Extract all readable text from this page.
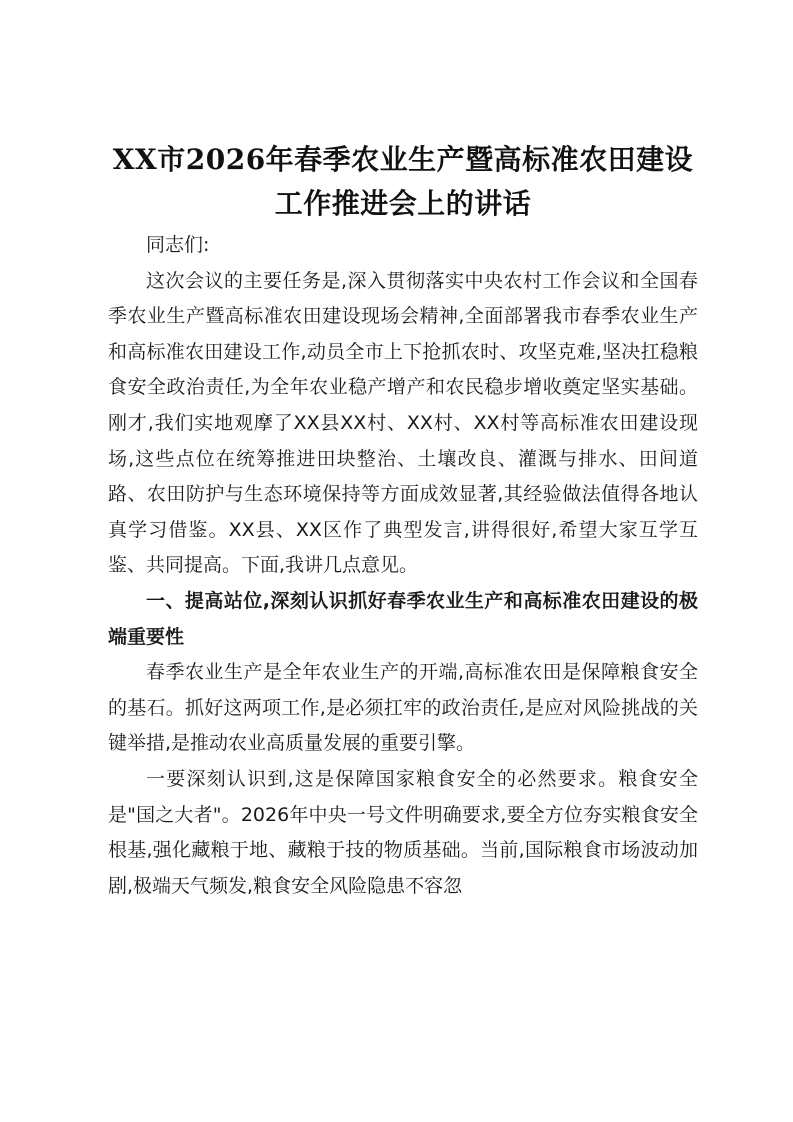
XX市2026年春季农业生产暨高标准农田建设
工作推进会上的讲话

同志们:

这次会议的主要任务是,深入贯彻落实中央农村工作会议和全国春季农业生产暨高标准农田建设现场会精神,全面部署我市春季农业生产和高标准农田建设工作,动员全市上下抢抓农时、攻坚克难,坚决扛稳粮食安全政治责任,为全年农业稳产增产和农民稳步增收奠定坚实基础。刚才,我们实地观摩了XX县XX村、XX村、XX村等高标准农田建设现场,这些点位在统筹推进田块整治、土壤改良、灌溉与排水、田间道路、农田防护与生态环境保持等方面成效显著,其经验做法值得各地认真学习借鉴。XX县、XX区作了典型发言,讲得很好,希望大家互学互鉴、共同提高。下面,我讲几点意见。

一、提高站位,深刻认识抓好春季农业生产和高标准农田建设的极端重要性

春季农业生产是全年农业生产的开端,高标准农田是保障粮食安全的基石。抓好这两项工作,是必须扛牢的政治责任,是应对风险挑战的关键举措,是推动农业高质量发展的重要引擎。

一要深刻认识到,这是保障国家粮食安全的必然要求。粮食安全是"国之大者"。2026年中央一号文件明确要求,要全方位夯实粮食安全根基,强化藏粮于地、藏粮于技的物质基础。当前,国际粮食市场波动加剧,极端天气频发,粮食安全风险隐患不容忽
